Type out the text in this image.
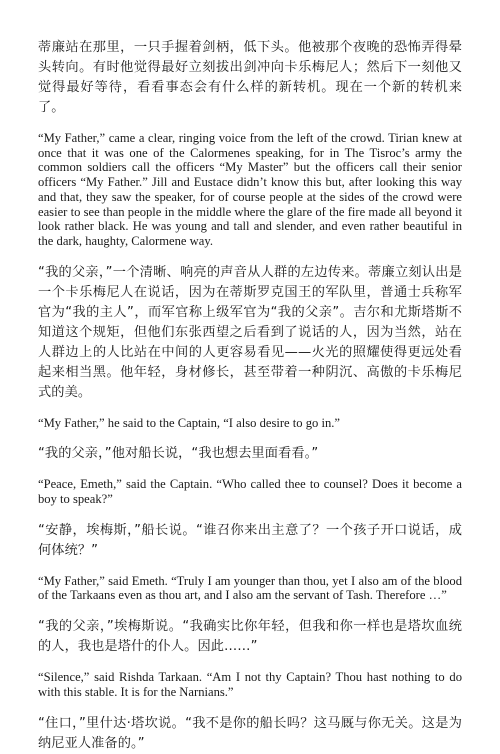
蒂廉站在那里，一只手握着剑柄，低下头。他被那个夜晚的恐怖弄得晕头转向。有时他觉得最好立刻拔出剑冲向卡乐梅尼人；然后下一刻他又觉得最好等待，看看事态会有什么样的新转机。现在一个新的转机来了。

“My Father,” came a clear, ringing voice from the left of the crowd. Tirian knew at once that it was one of the Calormenes speaking, for in The Tisroc’s army the common soldiers call the officers “My Master” but the officers call their senior officers “My Father.” Jill and Eustace didn’t know this but, after looking this way and that, they saw the speaker, for of course people at the sides of the crowd were easier to see than people in the middle where the glare of the fire made all beyond it look rather black. He was young and tall and slender, and even rather beautiful in the dark, haughty, Calormene way.

“我的父亲，”一个清晰、响亮的声音从人群的左边传来。蒂廉立刻认出是一个卡乐梅尼人在说话，因为在蒂斯罗克国王的军队里，普通士兵称军官为“我的主人”，而军官称上级军官为“我的父亲”。吉尔和尤斯塔斯不知道这个规矩，但他们东张西望之后看到了说话的人，因为当然，站在人群边上的人比站在中间的人更容易看见——火光的照耀使得更远处看起来相当黑。他年轻，身材修长，甚至带着一种阴沉、高傲的卡乐梅尼式的美。

“My Father,” he said to the Captain, “I also desire to go in.”

“我的父亲，”他对船长说，“我也想去里面看看。”

“Peace, Emeth,” said the Captain. “Who called thee to counsel? Does it become a boy to speak?”

“安静，埃梅斯，”船长说。“谁召你来出主意了？一个孩子开口说话，成何体统？”

“My Father,” said Emeth. “Truly I am younger than thou, yet I also am of the blood of the Tarkaans even as thou art, and I also am the servant of Tash. Therefore …”

“我的父亲，”埃梅斯说。“我确实比你年轻，但我和你一样也是塔坎血统的人，我也是塔什的仆人。因此……”

“Silence,” said Rishda Tarkaan. “Am I not thy Captain? Thou hast nothing to do with this stable. It is for the Narnians.”

“住口，”里什达·塔坎说。“我不是你的船长吗？这马厩与你无关。这是为纳尼亚人准备的。”
